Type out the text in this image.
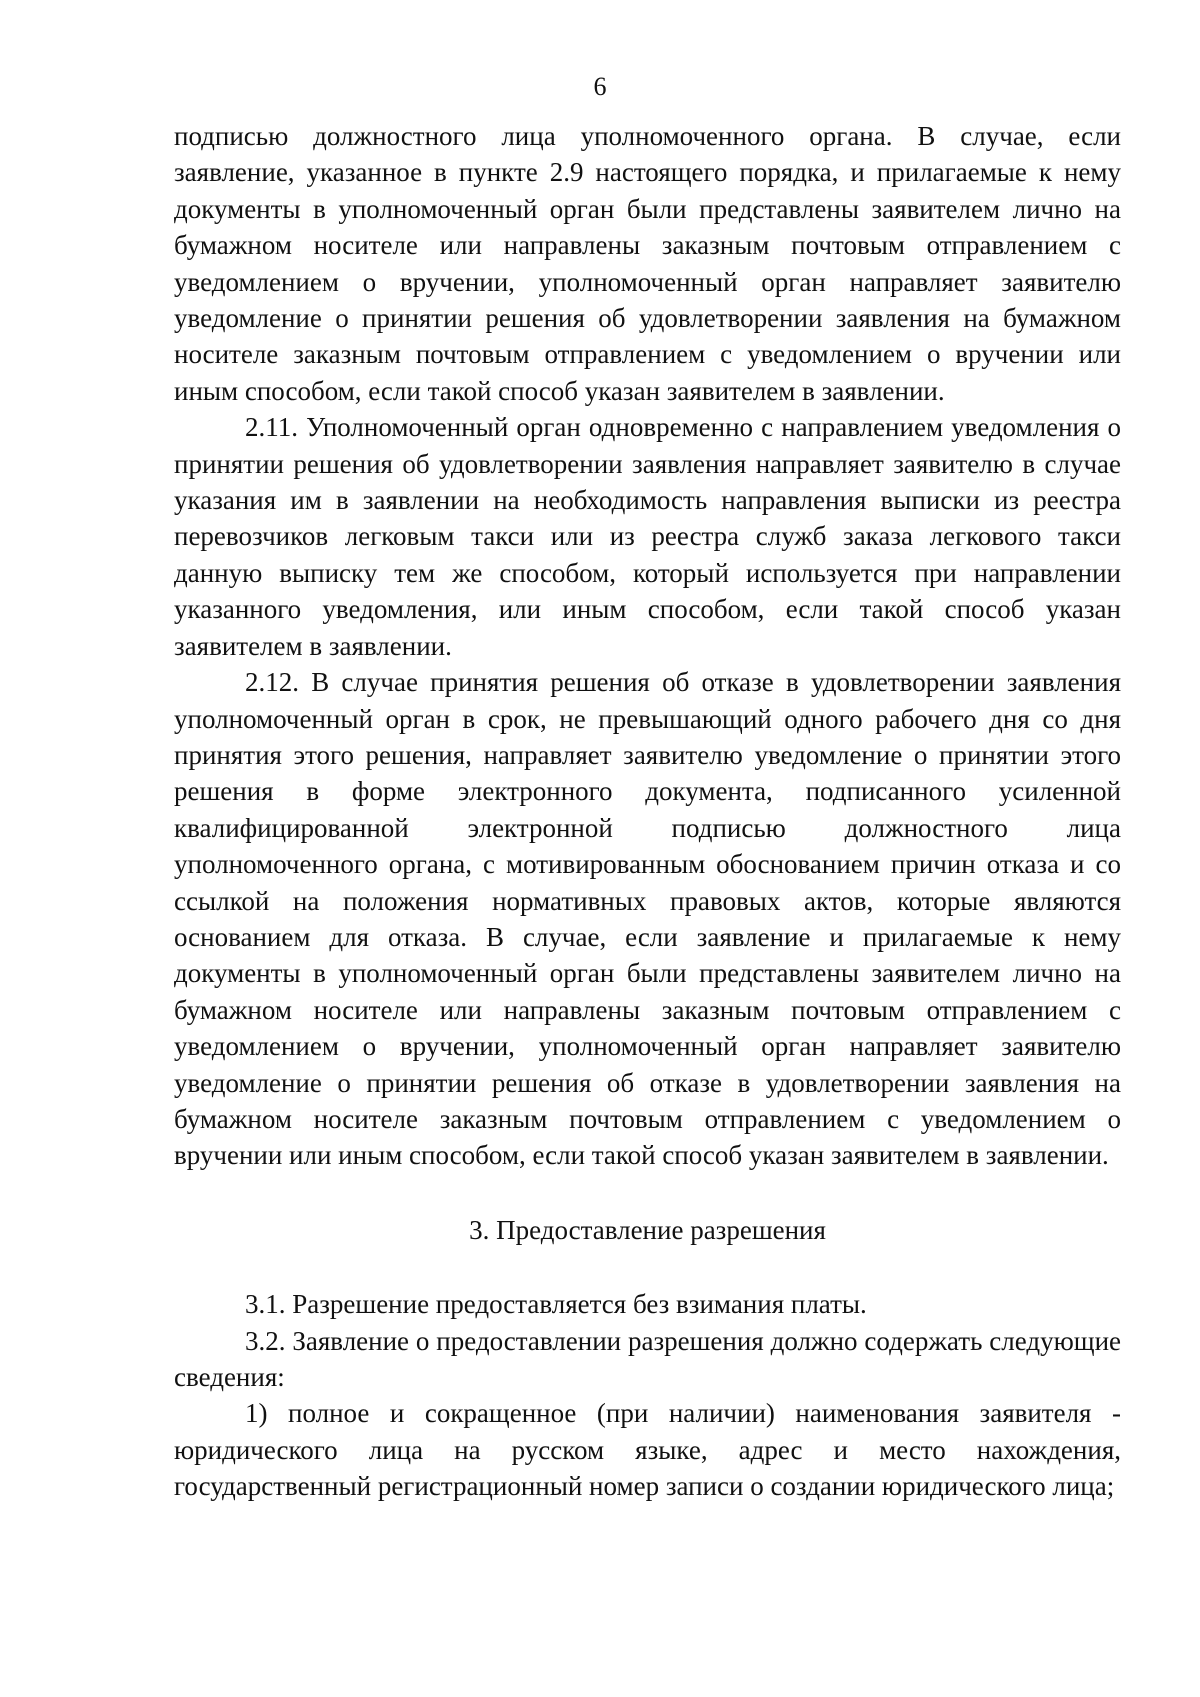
6

подписью должностного лица уполномоченного органа. В случае, если заявление, указанное в пункте 2.9 настоящего порядка, и прилагаемые к нему документы в уполномоченный орган были представлены заявителем лично на бумажном носителе или направлены заказным почтовым отправлением с уведомлением о вручении, уполномоченный орган направляет заявителю уведомление о принятии решения об удовлетворении заявления на бумажном носителе заказным почтовым отправлением с уведомлением о вручении или иным способом, если такой способ указан заявителем в заявлении.

2.11. Уполномоченный орган одновременно с направлением уведомления о принятии решения об удовлетворении заявления направляет заявителю в случае указания им в заявлении на необходимость направления выписки из реестра перевозчиков легковым такси или из реестра служб заказа легкового такси данную выписку тем же способом, который используется при направлении указанного уведомления, или иным способом, если такой способ указан заявителем в заявлении.

2.12. В случае принятия решения об отказе в удовлетворении заявления уполномоченный орган в срок, не превышающий одного рабочего дня со дня принятия этого решения, направляет заявителю уведомление о принятии этого решения в форме электронного документа, подписанного усиленной квалифицированной электронной подписью должностного лица уполномоченного органа, с мотивированным обоснованием причин отказа и со ссылкой на положения нормативных правовых актов, которые являются основанием для отказа. В случае, если заявление и прилагаемые к нему документы в уполномоченный орган были представлены заявителем лично на бумажном носителе или направлены заказным почтовым отправлением с уведомлением о вручении, уполномоченный орган направляет заявителю уведомление о принятии решения об отказе в удовлетворении заявления на бумажном носителе заказным почтовым отправлением с уведомлением о вручении или иным способом, если такой способ указан заявителем в заявлении.

3. Предоставление разрешения

3.1. Разрешение предоставляется без взимания платы.

3.2. Заявление о предоставлении разрешения должно содержать следующие сведения:

1) полное и сокращенное (при наличии) наименования заявителя - юридического лица на русском языке, адрес и место нахождения, государственный регистрационный номер записи о создании юридического лица;
